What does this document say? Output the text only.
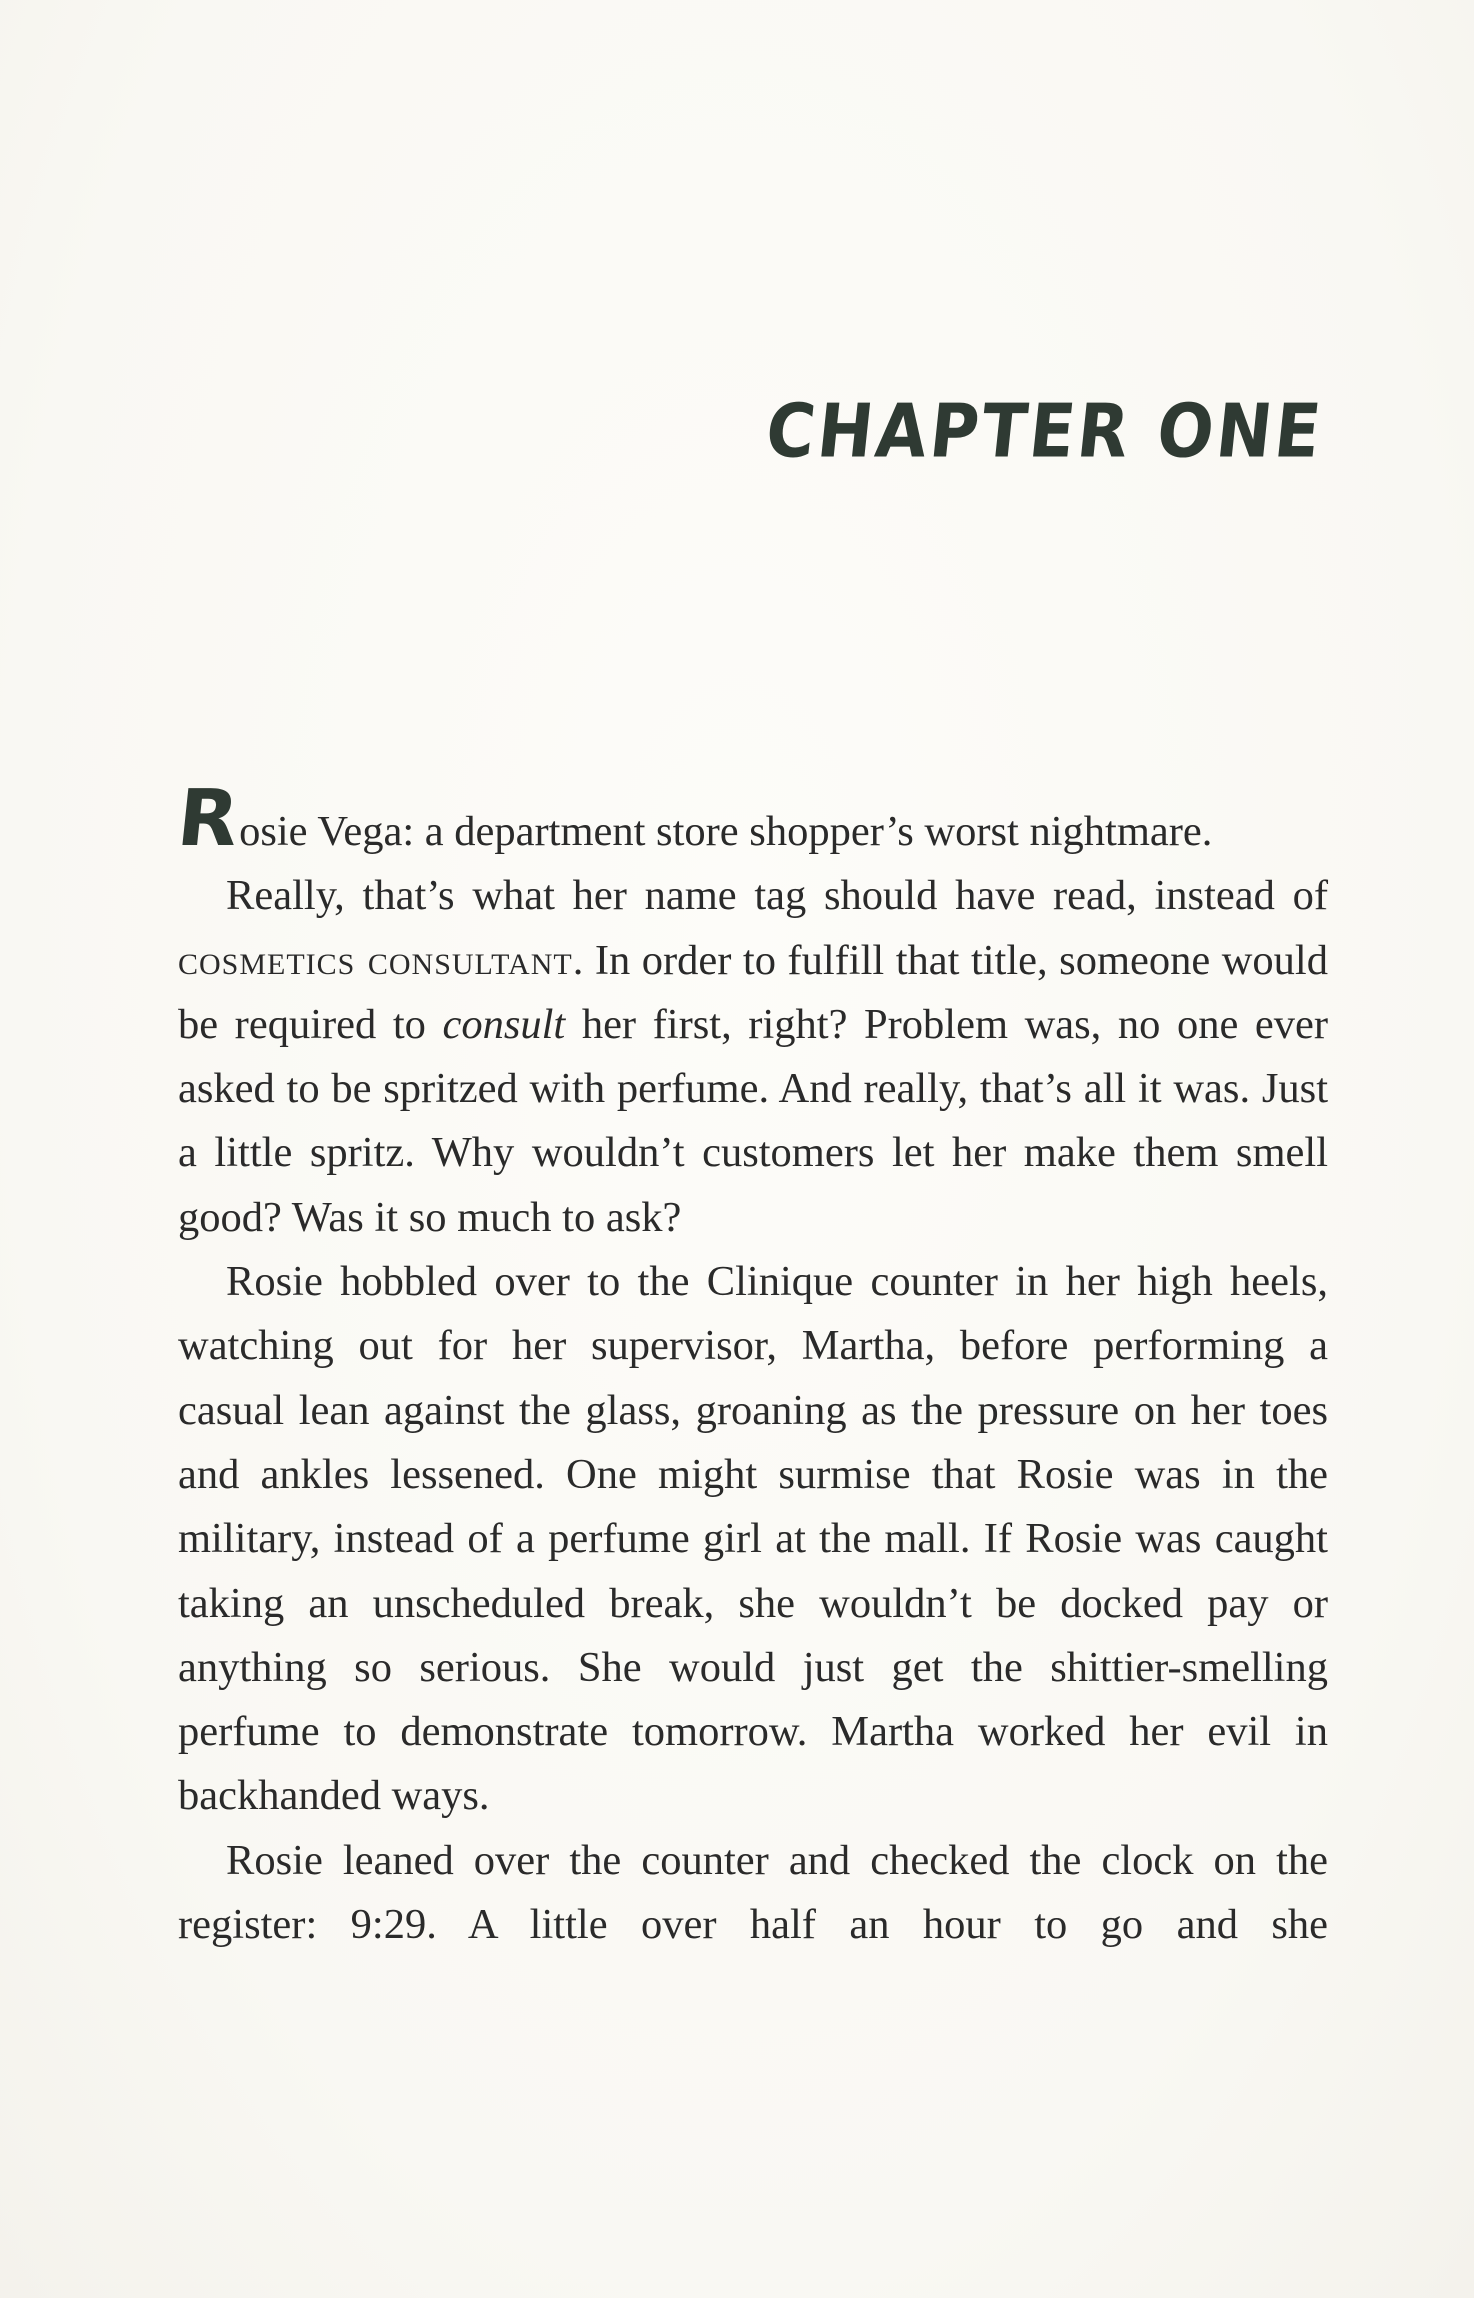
CHAPTER ONE

Rosie Vega: a department store shopper’s worst nightmare.

Really, that’s what her name tag should have read, instead of cosmetics consultant. In order to fulfill that title, someone would be required to consult her first, right? Problem was, no one ever asked to be spritzed with perfume. And really, that’s all it was. Just a little spritz. Why wouldn’t customers let her make them smell good? Was it so much to ask?

Rosie hobbled over to the Clinique counter in her high heels, watching out for her supervisor, Martha, before performing a casual lean against the glass, groaning as the pressure on her toes and ankles lessened. One might surmise that Rosie was in the military, instead of a perfume girl at the mall. If Rosie was caught taking an unscheduled break, she wouldn’t be docked pay or anything so serious. She would just get the shittier-smelling perfume to demonstrate tomorrow. Martha worked her evil in backhanded ways.

Rosie leaned over the counter and checked the clock on the register: 9:29. A little over half an hour to go and she
